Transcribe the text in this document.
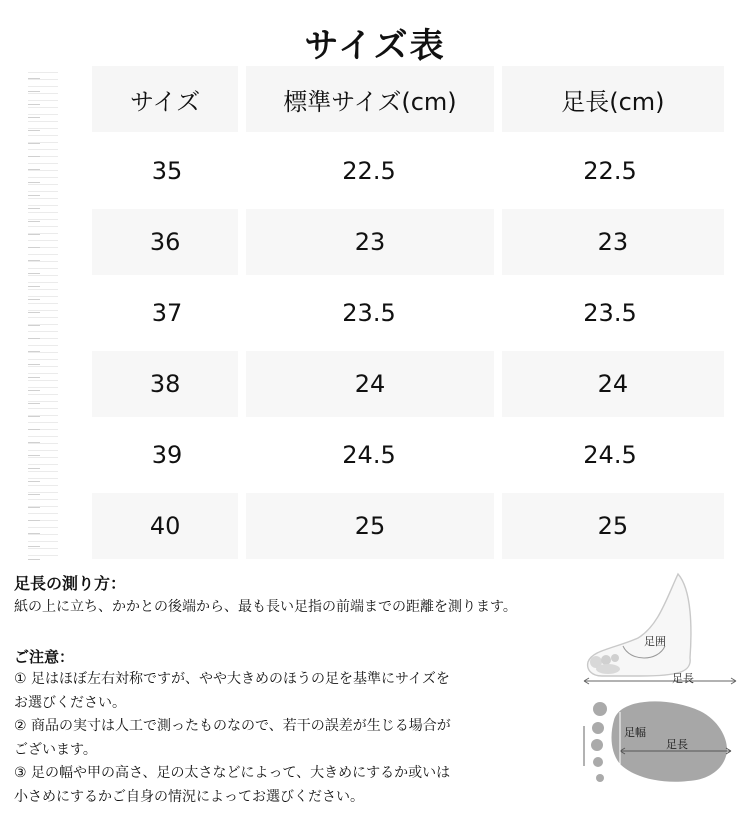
サイズ表
サイズ	標準サイズ(cm)	足長(cm)
35	22.5	22.5
36	23	23
37	23.5	23.5
38	24	24
39	24.5	24.5
40	25	25
足長の測り方：
紙の上に立ち、かかとの後端から、最も長い足指の前端までの距離を測ります。
ご注意：
① 足はほぼ左右対称ですが、やや大きめのほうの足を基準にサイズを
お選びください。
② 商品の実寸は人工で測ったものなので、若干の誤差が生じる場合が
ございます。
③ 足の幅や甲の高さ、足の太さなどによって、大きめにするか或いは
小さめにするかご自身の情況によってお選びください。
足囲
足長
足幅
足長
